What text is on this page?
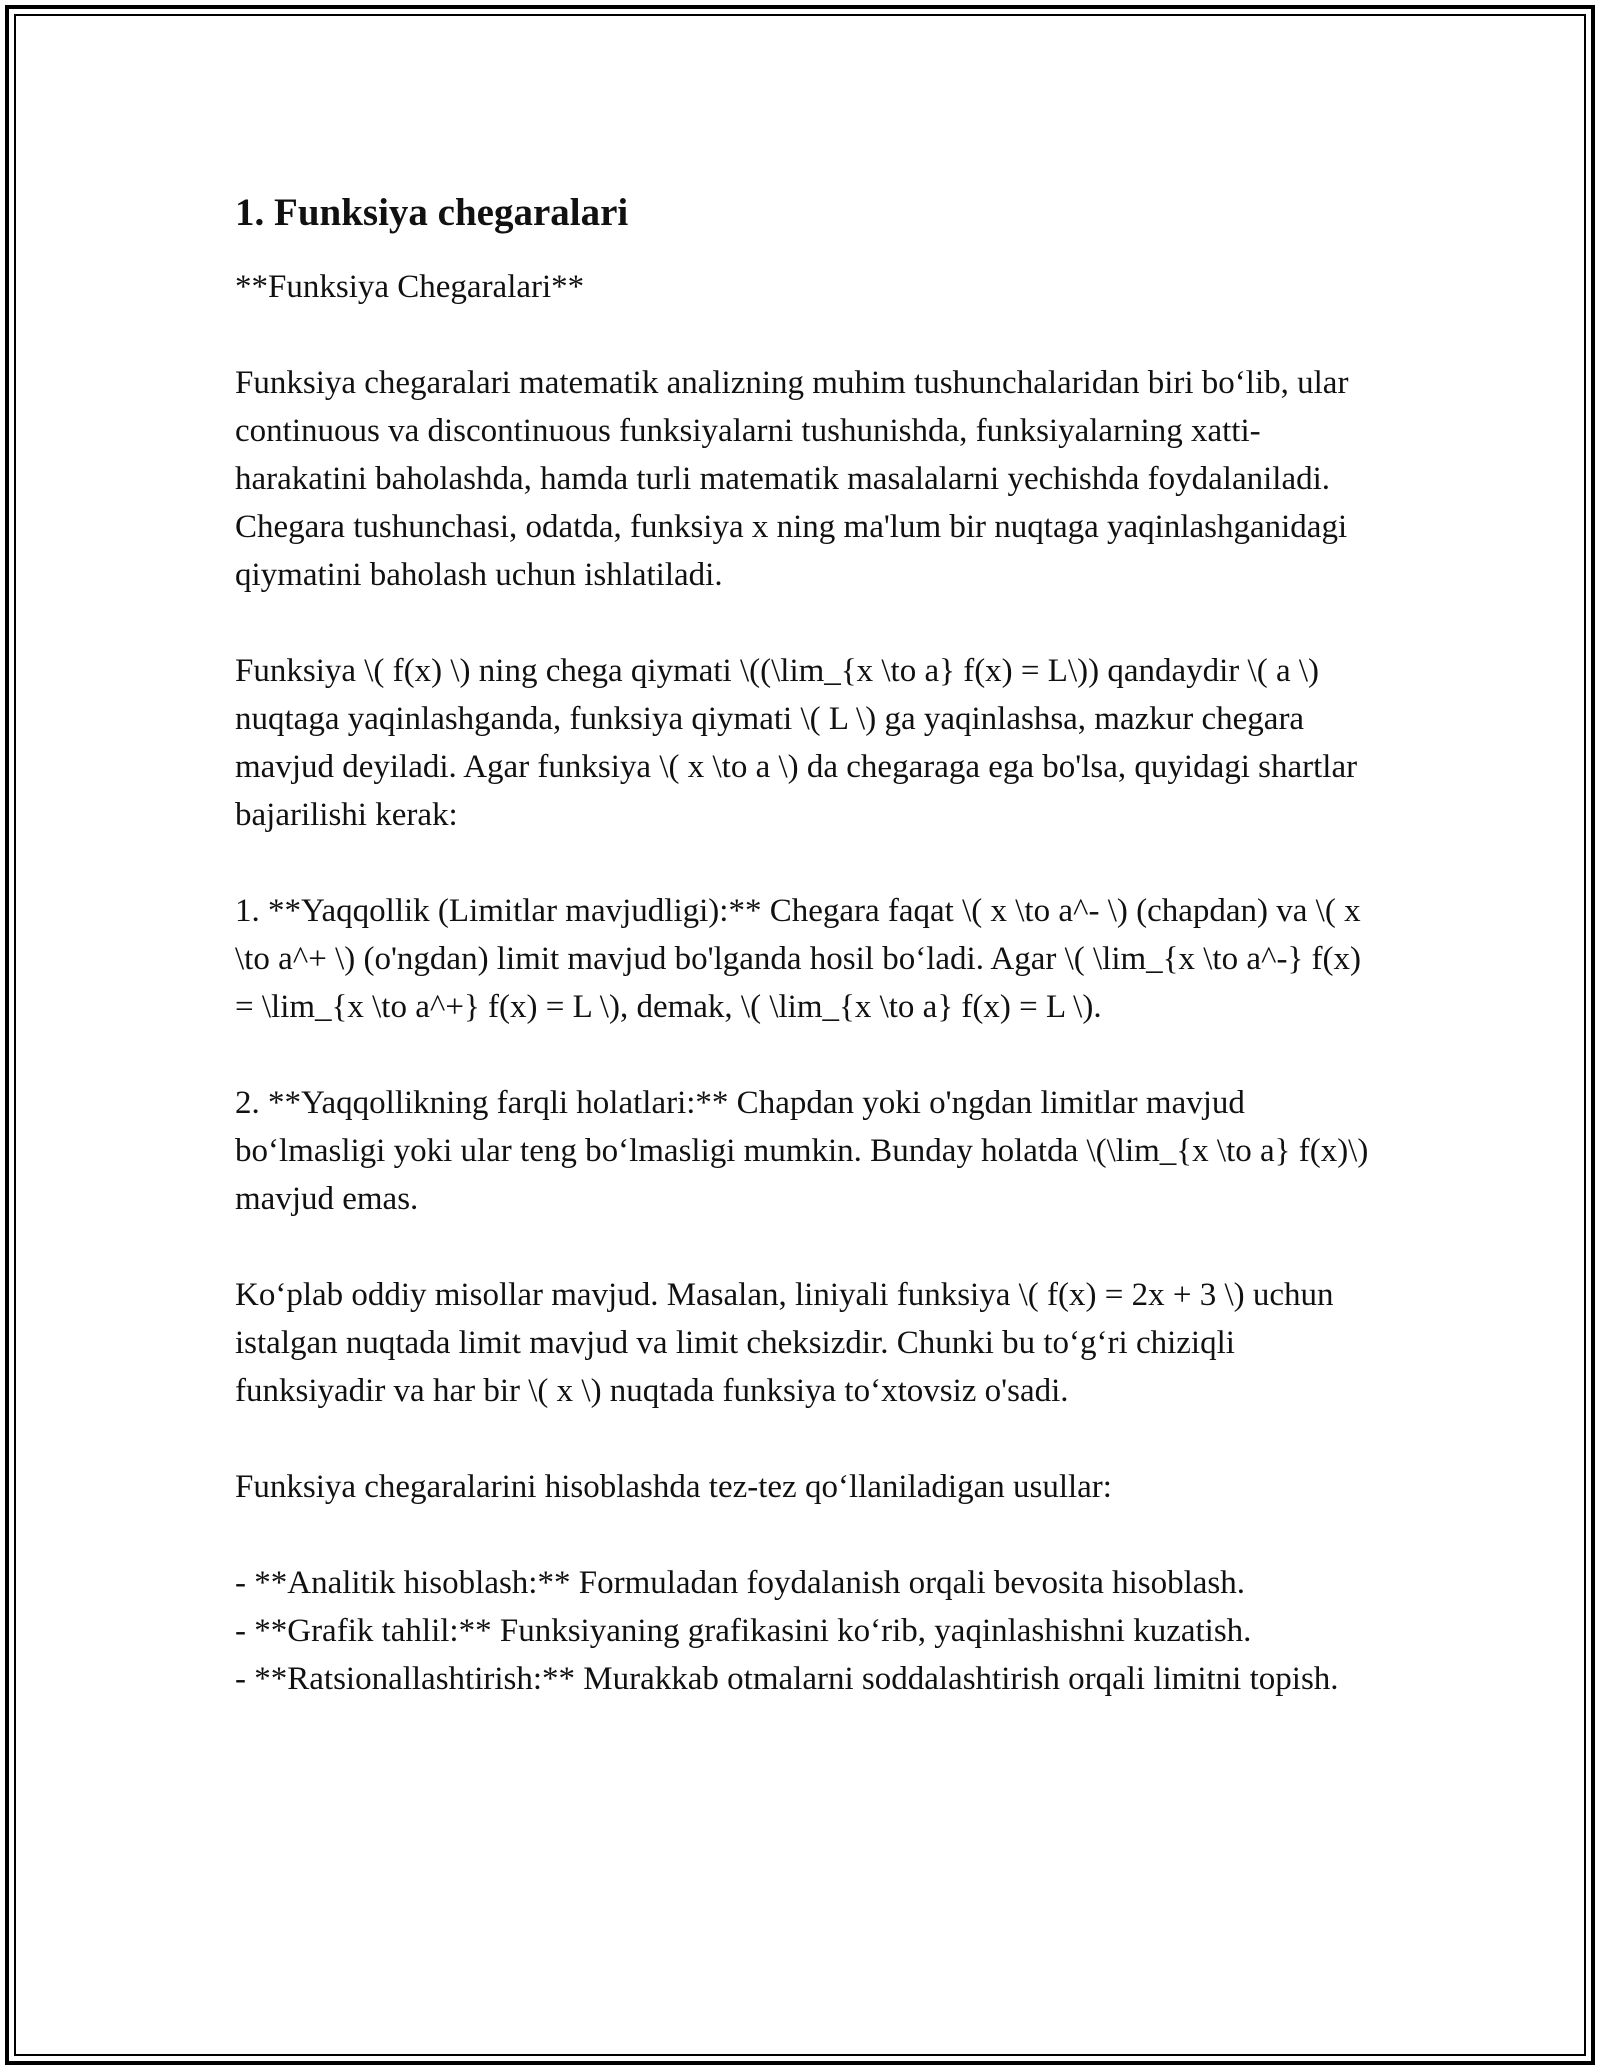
1. Funksiya chegaralari

**Funksiya Chegaralari**

Funksiya chegaralari matematik analizning muhim tushunchalaridan biri bo‘lib, ular continuous va discontinuous funksiyalarni tushunishda, funksiyalarning xatti-harakatini baholashda, hamda turli matematik masalalarni yechishda foydalaniladi. Chegara tushunchasi, odatda, funksiya x ning ma'lum bir nuqtaga yaqinlashganidagi qiymatini baholash uchun ishlatiladi.

Funksiya \( f(x) \) ning chega qiymati \((\lim_{x \to a} f(x) = L\)) qandaydir \( a \) nuqtaga yaqinlashganda, funksiya qiymati \( L \) ga yaqinlashsa, mazkur chegara mavjud deyiladi. Agar funksiya \( x \to a \) da chegaraga ega bo'lsa, quyidagi shartlar bajarilishi kerak:

1. **Yaqqollik (Limitlar mavjudligi):** Chegara faqat \( x \to a^- \) (chapdan) va \( x \to a^+ \) (o'ngdan) limit mavjud bo'lganda hosil bo‘ladi. Agar \( \lim_{x \to a^-} f(x) = \lim_{x \to a^+} f(x) = L \), demak, \( \lim_{x \to a} f(x) = L \).

2. **Yaqqollikning farqli holatlari:** Chapdan yoki o'ngdan limitlar mavjud bo‘lmasligi yoki ular teng bo‘lmasligi mumkin. Bunday holatda \(\lim_{x \to a} f(x)\) mavjud emas.

Ko‘plab oddiy misollar mavjud. Masalan, liniyali funksiya \( f(x) = 2x + 3 \) uchun istalgan nuqtada limit mavjud va limit cheksizdir. Chunki bu to‘g‘ri chiziqli funksiyadir va har bir \( x \) nuqtada funksiya to‘xtovsiz o'sadi.

Funksiya chegaralarini hisoblashda tez-tez qo‘llaniladigan usullar:

- **Analitik hisoblash:** Formuladan foydalanish orqali bevosita hisoblash.
- **Grafik tahlil:** Funksiyaning grafikasini ko‘rib, yaqinlashishni kuzatish.
- **Ratsionallashtirish:** Murakkab otmalarni soddalashtirish orqali limitni topish.
